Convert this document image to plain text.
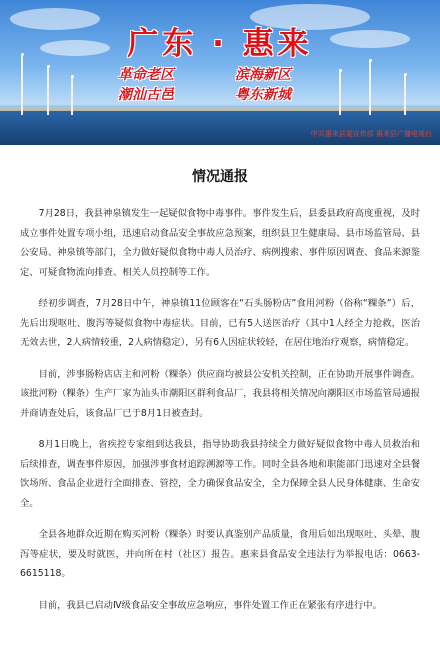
广东 · 惠来
革命老区	滨海新区
潮汕古邑	粤东新城
中共惠来县委宣传部 惠来县广播电视台
情况通报

7月28日，我县神泉镇发生一起疑似食物中毒事件。事件发生后，县委县政府高度重视，及时成立事件处置专项小组，迅速启动食品安全事故应急预案，组织县卫生健康局、县市场监管局、县公安局、神泉镇等部门，全力做好疑似食物中毒人员治疗、病例搜索、事件原因调查、食品来源鉴定、可疑食物流向排查、相关人员控制等工作。

经初步调查，7月28日中午，神泉镇11位顾客在“石头肠粉店”食用河粉（俗称“粿条”）后，先后出现呕吐、腹泻等疑似食物中毒症状。目前，已有5人送医治疗（其中1人经全力抢救，医治无效去世，2人病情较重，2人病情稳定），另有6人因症状较轻，在居住地治疗观察，病情稳定。

目前，涉事肠粉店店主和河粉（粿条）供应商均被县公安机关控制，正在协助开展事件调查。该批河粉（粿条）生产厂家为汕头市潮阳区群利食品厂，我县将相关情况向潮阳区市场监管局通报并商请查处后，该食品厂已于8月1日被查封。

8月1日晚上，省疾控专家组到达我县，指导协助我县持续全力做好疑似食物中毒人员救治和后续排查，调查事件原因，加强涉事食材追踪溯源等工作。同时全县各地和职能部门迅速对全县餐饮场所、食品企业进行全面排查、管控，全力确保食品安全，全力保障全县人民身体健康、生命安全。

全县各地群众近期在购买河粉（粿条）时要认真鉴别产品质量，食用后如出现呕吐、头晕、腹泻等症状，要及时就医，并向所在村（社区）报告。惠来县食品安全违法行为举报电话：0663-6615118。

目前，我县已启动Ⅳ级食品安全事故应急响应，事件处置工作正在紧张有序进行中。
